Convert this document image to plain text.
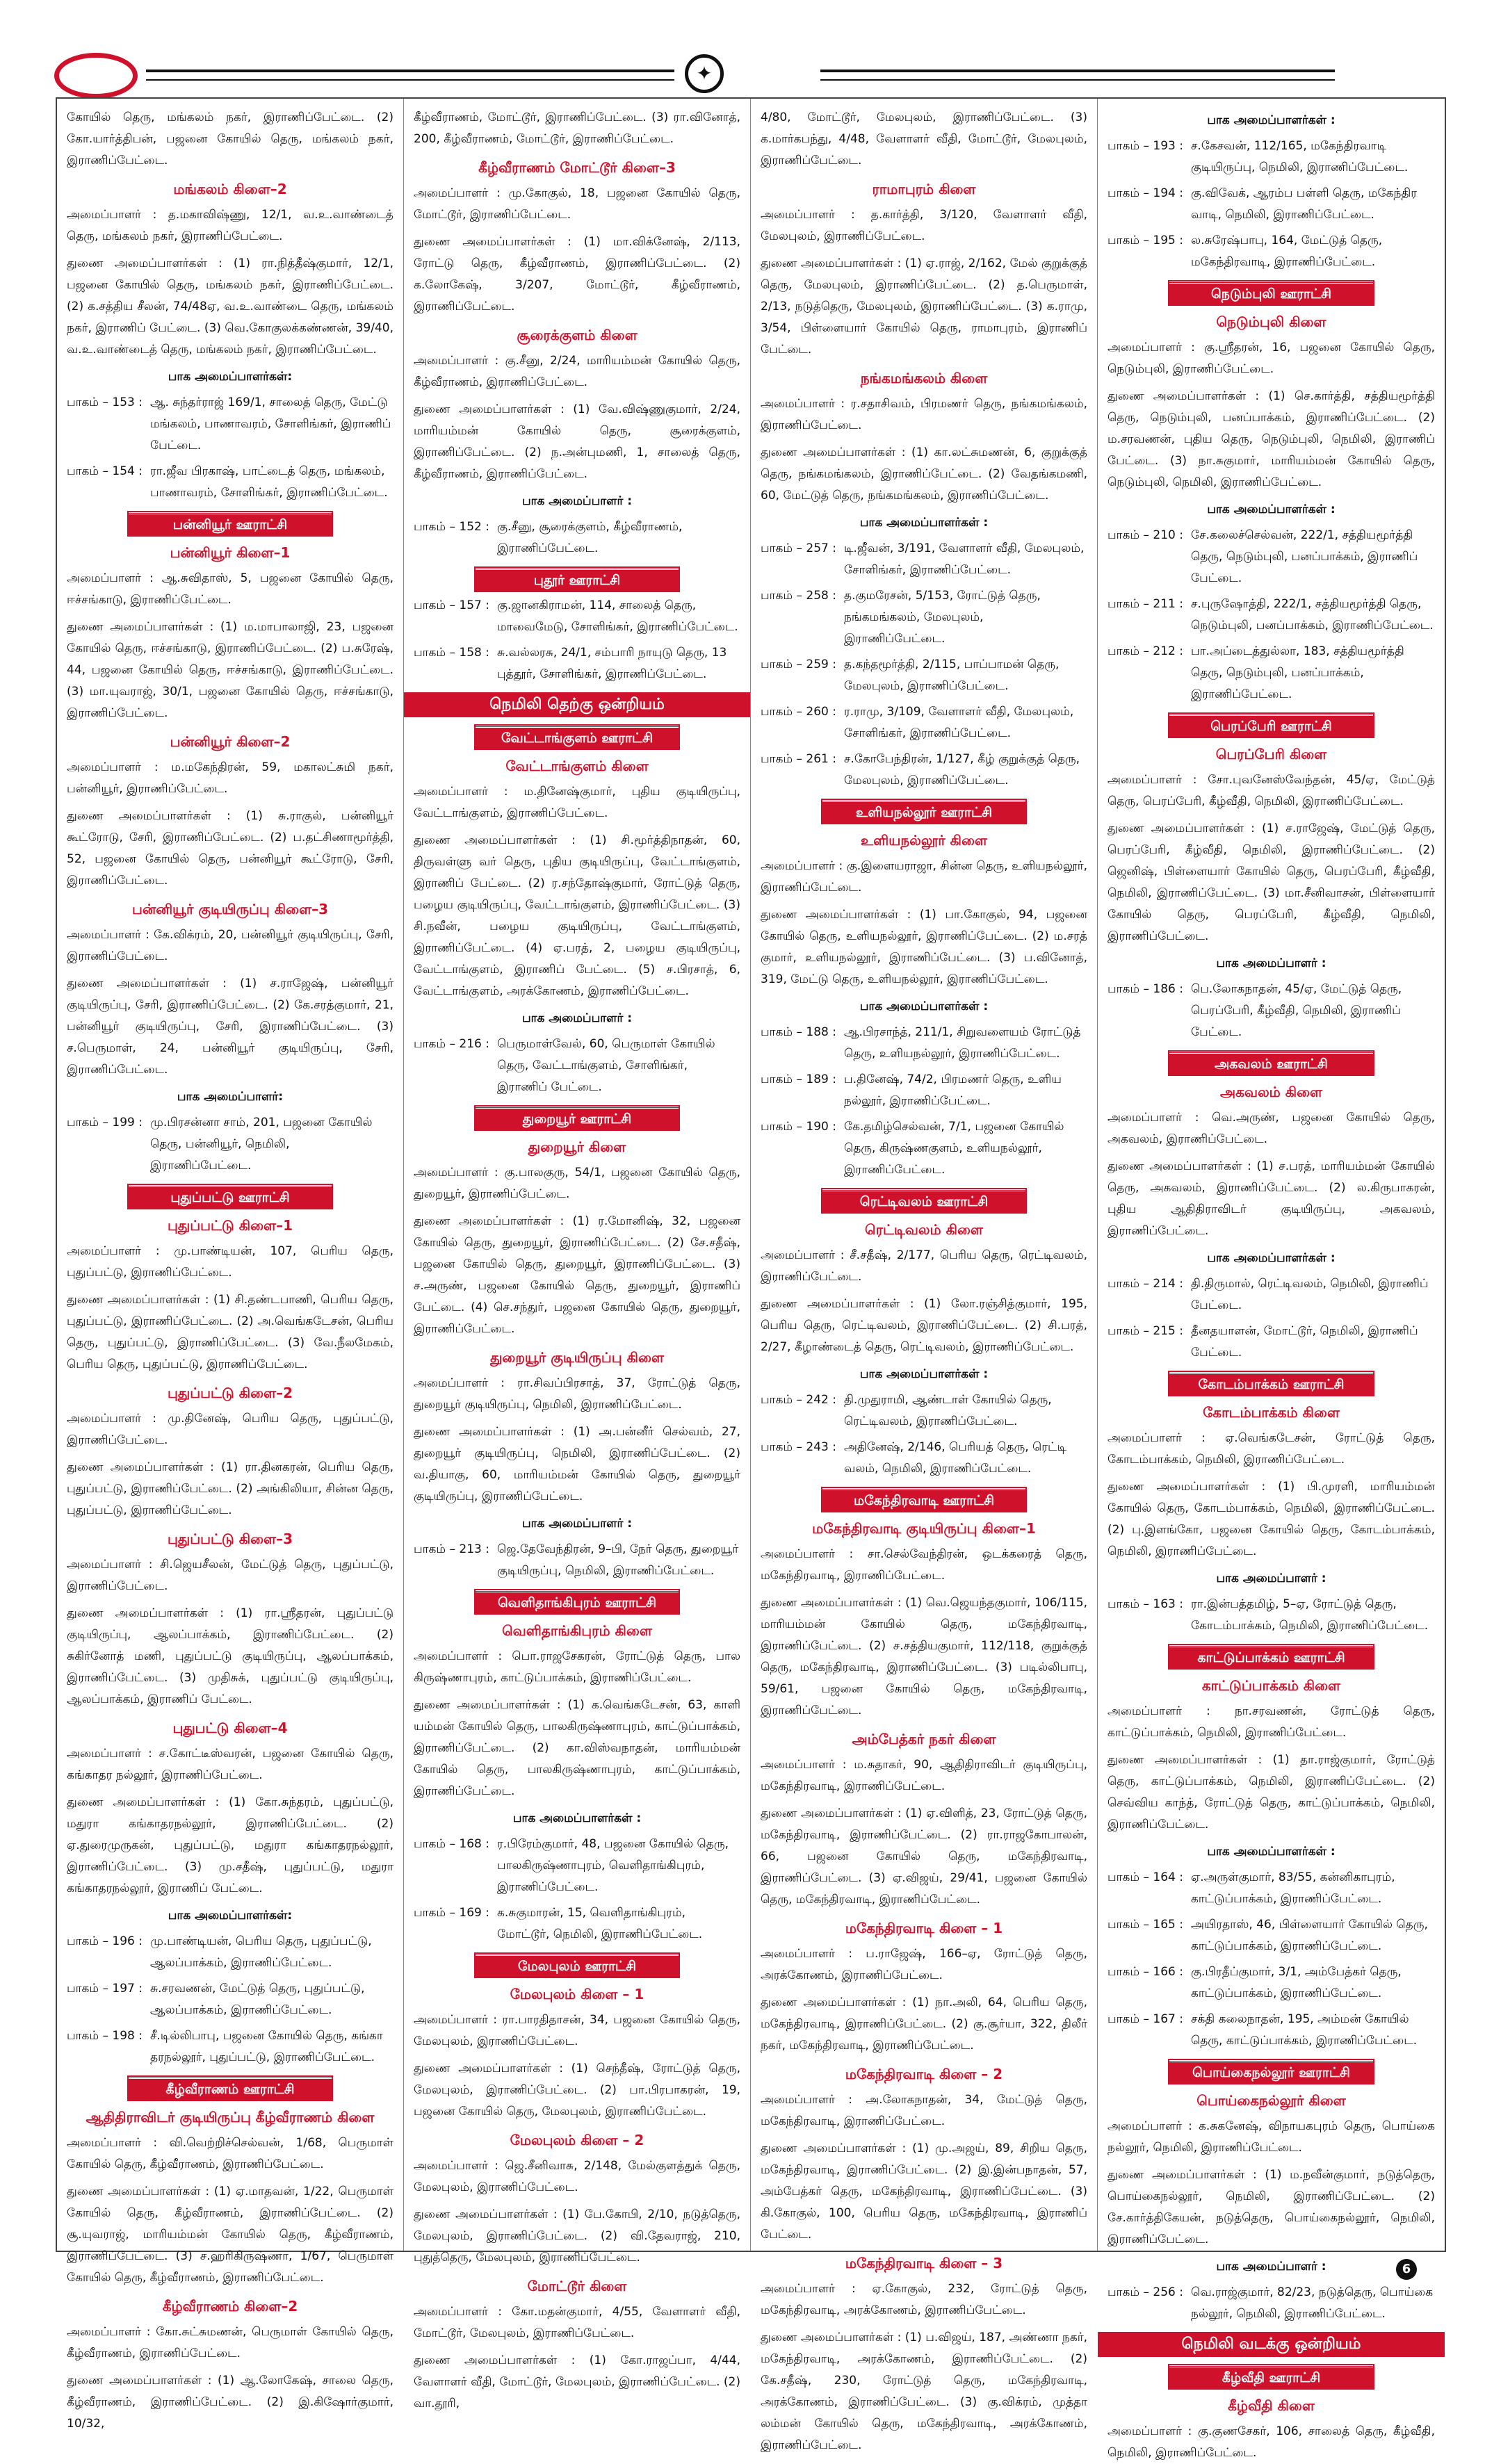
✦
கோயில் தெரு, மங்கலம் நகர், இராணிப்பேட்டை. (2) கோ.யார்த்திபன், பஜனை கோயில் தெரு, மங்கலம் நகர், இராணிப்பேட்டை.
மங்கலம் கிளை–2
அமைப்பாளர் : த.மகாவிஷ்ணு, 12/1, வ.உ.வாண்டைத் தெரு, மங்கலம் நகர், இராணிப்பேட்டை.
துணை அமைப்பாளர்கள் : (1) ரா.நித்தீஷ்குமார், 12/1, பஜனை கோயில் தெரு, மங்கலம் நகர், இராணிப்பேட்டை. (2) க.சத்திய சீலன், 74/48ஏ, வ.உ.வாண்டை தெரு, மங்கலம் நகர், இராணிப் பேட்டை. (3) வெ.கோகுலக்கண்ணன், 39/40, வ.உ.வாண்டைத் தெரு, மங்கலம் நகர், இராணிப்பேட்டை.
பாக அமைப்பாளர்கள்:
பாகம் – 153 : ஆ. சுந்தர்ராஜ் 169/1, சாலைத் தெரு, மேட்டு மங்கலம், பாணாவரம், சோளிங்கர், இராணிப் பேட்டை.
பாகம் – 154 : ரா.ஜீவ பிரகாஷ், பாட்டைத் தெரு, மங்கலம், பாணாவரம், சோளிங்கர், இராணிப்பேட்டை.
பன்னியூர் ஊராட்சி
பன்னியூர் கிளை–1
அமைப்பாளர் : ஆ.சுவிதாஸ், 5, பஜனை கோயில் தெரு, ஈச்சங்காடு, இராணிப்பேட்டை.
துணை அமைப்பாளர்கள் : (1) ம.மாபாலாஜி, 23, பஜனை கோயில் தெரு, ஈச்சங்காடு, இராணிப்பேட்டை. (2) ப.சுரேஷ், 44, பஜனை கோயில் தெரு, ஈச்சங்காடு, இராணிப்பேட்டை. (3) மா.யுவராஜ், 30/1, பஜனை கோயில் தெரு, ஈச்சங்காடு, இராணிப்பேட்டை.
பன்னியூர் கிளை–2
அமைப்பாளர் : ம.மகேந்திரன், 59, மகாலட்சுமி நகர், பன்னியூர், இராணிப்பேட்டை.
துணை அமைப்பாளர்கள் : (1) சு.ராகுல், பன்னியூர் கூட்ரோடு, சேரி, இராணிப்பேட்டை. (2) ப.தட்சிணாமூர்த்தி, 52, பஜனை கோயில் தெரு, பன்னியூர் கூட்ரோடு, சேரி, இராணிப்பேட்டை.
பன்னியூர் குடியிருப்பு கிளை–3
அமைப்பாளர் : கே.விக்ரம், 20, பன்னியூர் குடியிருப்பு, சேரி, இராணிப்பேட்டை.
துணை அமைப்பாளர்கள் : (1) ச.ராஜேஷ், பன்னியூர் குடியிருப்பு, சேரி, இராணிப்பேட்டை. (2) கே.சரத்குமார், 21, பன்னியூர் குடியிருப்பு, சேரி, இராணிப்பேட்டை. (3) ச.பெருமாள், 24, பன்னியூர் குடியிருப்பு, சேரி, இராணிப்பேட்டை.
பாக அமைப்பாளர்:
பாகம் – 199 : மு.பிரசன்னா சாம், 201, பஜனை கோயில் தெரு, பன்னியூர், நெமிலி, இராணிப்பேட்டை.
புதுப்பட்டு ஊராட்சி
புதுப்பட்டு கிளை–1
அமைப்பாளர் : மு.பாண்டியன், 107, பெரிய தெரு, புதுப்பட்டு, இராணிப்பேட்டை.
துணை அமைப்பாளர்கள் : (1) சி.தண்டபாணி, பெரிய தெரு, புதுப்பட்டு, இராணிப்பேட்டை. (2) அ.வெங்கடேசன், பெரிய தெரு, புதுப்பட்டு, இராணிப்பேட்டை. (3) வே.நீலமேகம், பெரிய தெரு, புதுப்பட்டு, இராணிப்பேட்டை.
புதுப்பட்டு கிளை–2
அமைப்பாளர் : மு.தினேஷ், பெரிய தெரு, புதுப்பட்டு, இராணிப்பேட்டை.
துணை அமைப்பாளர்கள் : (1) ரா.தினகரன், பெரிய தெரு, புதுப்பட்டு, இராணிப்பேட்டை. (2) அங்கிலியா, சின்ன தெரு, புதுப்பட்டு, இராணிப்பேட்டை.
புதுப்பட்டு கிளை–3
அமைப்பாளர் : சி.ஜெயசீலன், மேட்டுத் தெரு, புதுப்பட்டு, இராணிப்பேட்டை.
துணை அமைப்பாளர்கள் : (1) ரா.ஸ்ரீதரன், புதுப்பட்டு குடியிருப்பு, ஆலப்பாக்கம், இராணிப்பேட்டை. (2) சுகிர்னோத் மணி, புதுப்பட்டு குடியிருப்பு, ஆலப்பாக்கம், இராணிப்பேட்டை. (3) முதிசுக், புதுப்பட்டு குடியிருப்பு, ஆலப்பாக்கம், இராணிப் பேட்டை.
புதுபட்டு கிளை–4
அமைப்பாளர் : ச.கோட்டீஸ்வரன், பஜனை கோயில் தெரு, கங்காதர நல்லூர், இராணிப்பேட்டை.
துணை அமைப்பாளர்கள் : (1) கோ.சுந்தரம், புதுப்பட்டு, மதுரா கங்காதரநல்லூர், இராணிப்பேட்டை. (2) ஏ.துரைமுருகன், புதுப்பட்டு, மதுரா கங்காதரநல்லூர், இராணிப்பேட்டை. (3) மு.சதீஷ், புதுப்பட்டு, மதுரா கங்காதரநல்லூர், இராணிப் பேட்டை.
பாக அமைப்பாளர்கள்:
பாகம் – 196 : மு.பாண்டியன், பெரிய தெரு, புதுப்பட்டு, ஆலப்பாக்கம், இராணிப்பேட்டை.
பாகம் – 197 : சு.சரவணன், மேட்டுத் தெரு, புதுப்பட்டு, ஆலப்பாக்கம், இராணிப்பேட்டை.
பாகம் – 198 : சீ.டில்லிபாபு, பஜனை கோயில் தெரு, கங்கா தரநல்லூர், புதுப்பட்டு, இராணிப்பேட்டை.
கீழ்வீராணம் ஊராட்சி
ஆதிதிராவிடர் குடியிருப்பு கீழ்வீராணம் கிளை
அமைப்பாளர் : வி.வெற்றிச்செல்வன், 1/68, பெருமாள் கோயில் தெரு, கீழ்வீராணம், இராணிப்பேட்டை.
துணை அமைப்பாளர்கள் : (1) ஏ.மாதவன், 1/22, பெருமாள் கோயில் தெரு, கீழ்வீராணம், இராணிப்பேட்டை. (2) சூ.யுவராஜ், மாரியம்மன் கோயில் தெரு, கீழ்வீராணம், இராணிப்பேட்டை. (3) ச.ஹரிகிருஷ்ணா, 1/67, பெருமாள் கோயில் தெரு, கீழ்வீராணம், இராணிப்பேட்டை.
கீழ்வீராணம் கிளை–2
அமைப்பாளர் : கோ.சுட்சுமணன், பெருமாள் கோயில் தெரு, கீழ்வீராணம், இராணிப்பேட்டை.
துணை அமைப்பாளர்கள் : (1) ஆ.லோகேஷ், சாலை தெரு, கீழ்வீராணம், இராணிப்பேட்டை. (2) இ.கிஷோர்குமார், 10/32,
கீழ்வீராணம், மோட்டூர், இராணிப்பேட்டை. (3) ரா.வினோத், 200, கீழ்வீராணம், மோட்டூர், இராணிப்பேட்டை.
கீழ்வீராணம் மோட்டூர் கிளை–3
அமைப்பாளர் : மு.கோகுல், 18, பஜனை கோயில் தெரு, மோட்டூர், இராணிப்பேட்டை.
துணை அமைப்பாளர்கள் : (1) மா.விக்னேஷ், 2/113, ரோட்டு தெரு, கீழ்வீராணம், இராணிப்பேட்டை. (2) க.லோகேஷ், 3/207, மோட்டூர், கீழ்வீராணம், இராணிப்பேட்டை.
சூரைக்குளம் கிளை
அமைப்பாளர் : கு.சீனு, 2/24, மாரியம்மன் கோயில் தெரு, கீழ்வீராணம், இராணிப்பேட்டை.
துணை அமைப்பாளர்கள் : (1) வே.விஷ்ணுகுமார், 2/24, மாரியம்மன் கோயில் தெரு, சூரைக்குளம், இராணிப்பேட்டை. (2) ந.அன்புமணி, 1, சாலைத் தெரு, கீழ்வீராணம், இராணிப்பேட்டை.
பாக அமைப்பாளர் :
பாகம் – 152 : கு.சீனு, சூரைக்குளம், கீழ்வீராணம், இராணிப்பேட்டை.
புதூர் ஊராட்சி
பாகம் – 157 : கு.ஜானகிராமன், 114, சாலைத் தெரு, மாவைமேடு, சோளிங்கர், இராணிப்பேட்டை.
பாகம் – 158 : சு.வல்லரசு, 24/1, சம்பாரி நாயுடு தெரு, 13 புத்தூர், சோளிங்கர், இராணிப்பேட்டை.
நெமிலி தெற்கு ஒன்றியம்
வேட்டாங்குளம் ஊராட்சி
வேட்டாங்குளம் கிளை
அமைப்பாளர் : ம.தினேஷ்குமார், புதிய குடியிருப்பு, வேட்டாங்குளம், இராணிப்பேட்டை.
துணை அமைப்பாளர்கள் : (1) சி.மூர்த்திநாதன், 60, திருவள்ளு வர் தெரு, புதிய குடியிருப்பு, வேட்டாங்குளம், இராணிப் பேட்டை. (2) ர.சந்தோஷ்குமார், ரோட்டுத் தெரு, பழைய குடியிருப்பு, வேட்டாங்குளம், இராணிப்பேட்டை. (3) சி.நவீன், பழைய குடியிருப்பு, வேட்டாங்குளம், இராணிப்பேட்டை. (4) ஏ.பரத், 2, பழைய குடியிருப்பு, வேட்டாங்குளம், இராணிப் பேட்டை. (5) ச.பிரசாத், 6, வேட்டாங்குளம், அரக்கோணம், இராணிப்பேட்டை.
பாக அமைப்பாளர் :
பாகம் – 216 : பெருமாள்வேல், 60, பெருமாள் கோயில் தெரு, வேட்டாங்குளம், சோளிங்கர், இராணிப் பேட்டை.
துறையூர் ஊராட்சி
துறையூர் கிளை
அமைப்பாளர் : கு.பாலகுரு, 54/1, பஜனை கோயில் தெரு, துறையூர், இராணிப்பேட்டை.
துணை அமைப்பாளர்கள் : (1) ர.மோனிஷ், 32, பஜனை கோயில் தெரு, துறையூர், இராணிப்பேட்டை. (2) சே.சதீஷ், பஜனை கோயில் தெரு, துறையூர், இராணிப்பேட்டை. (3) ச.அருண், பஜனை கோயில் தெரு, துறையூர், இராணிப் பேட்டை. (4) செ.சந்துர், பஜனை கோயில் தெரு, துறையூர், இராணிப்பேட்டை.
துறையூர் குடியிருப்பு கிளை
அமைப்பாளர் : ரா.சிவப்பிரசாத், 37, ரோட்டுத் தெரு, துறையூர் குடியிருப்பு, நெமிலி, இராணிப்பேட்டை.
துணை அமைப்பாளர்கள் : (1) அ.பன்னீர் செல்வம், 27, துறையூர் குடியிருப்பு, நெமிலி, இராணிப்பேட்டை. (2) வ.தியாகு, 60, மாரியம்மன் கோயில் தெரு, துறையூர் குடியிருப்பு, இராணிப்பேட்டை.
பாக அமைப்பாளர் :
பாகம் – 213 : ஜெ.தேவேந்திரன், 9–பி, நேர் தெரு, துறையூர் குடியிருப்பு, நெமிலி, இராணிப்பேட்டை.
வெளிதாங்கிபுரம் ஊராட்சி
வெளிதாங்கிபுரம் கிளை
அமைப்பாளர் : பொ.ராஜசேகரன், ரோட்டுத் தெரு, பால கிருஷ்ணாபுரம், காட்டுப்பாக்கம், இராணிப்பேட்டை.
துணை அமைப்பாளர்கள் : (1) க.வெங்கடேசன், 63, காளி யம்மன் கோயில் தெரு, பாலகிருஷ்ணாபுரம், காட்டுப்பாக்கம், இராணிப்பேட்டை. (2) கா.விஸ்வநாதன், மாரியம்மன் கோயில் தெரு, பாலகிருஷ்ணாபுரம், காட்டுப்பாக்கம், இராணிப்பேட்டை.
பாக அமைப்பாளர்கள் :
பாகம் – 168 : ர.பிரேம்குமார், 48, பஜனை கோயில் தெரு, பாலகிருஷ்ணாபுரம், வெளிதாங்கிபுரம், இராணிப்பேட்டை.
பாகம் – 169 : க.சுகுமாரன், 15, வெளிதாங்கிபுரம், மோட்டூர், நெமிலி, இராணிப்பேட்டை.
மேலபுலம் ஊராட்சி
மேலபுலம் கிளை – 1
அமைப்பாளர் : ரா.பாரதிதாசன், 34, பஜனை கோயில் தெரு, மேலபுலம், இராணிப்பேட்டை.
துணை அமைப்பாளர்கள் : (1) செந்தீஷ், ரோட்டுத் தெரு, மேலபுலம், இராணிப்பேட்டை. (2) பா.பிரபாகரன், 19, பஜனை கோயில் தெரு, மேலபுலம், இராணிப்பேட்டை.
மேலபுலம் கிளை – 2
அமைப்பாளர் : ஜெ.சீனிவாசு, 2/148, மேல்குளத்துக் தெரு, மேலபுலம், இராணிப்பேட்டை.
துணை அமைப்பாளர்கள் : (1) பே.கோபி, 2/10, நடுத்தெரு, மேலபுலம், இராணிப்பேட்டை. (2) வி.தேவராஜ், 210, புதுத்தெரு, மேலபுலம், இராணிப்பேட்டை.
மோட்டூர் கிளை
அமைப்பாளர் : கோ.மதன்குமார், 4/55, வேளாளர் வீதி, மோட்டூர், மேலபுலம், இராணிப்பேட்டை.
துணை அமைப்பாளர்கள் : (1) கோ.ராஜப்பா, 4/44, வேளாளர் வீதி, மோட்டூர், மேலபுலம், இராணிப்பேட்டை. (2) வா.தூரி,
4/80, மோட்டூர், மேலபுலம், இராணிப்பேட்டை. (3) க.மார்கபந்து, 4/48, வேளாளர் வீதி, மோட்டூர், மேலபுலம், இராணிப்பேட்டை.
ராமாபுரம் கிளை
அமைப்பாளர் : த.கார்த்தி, 3/120, வேளாளர் வீதி, மேலபுலம், இராணிப்பேட்டை.
துணை அமைப்பாளர்கள் : (1) ஏ.ராஜ், 2/162, மேல் குறுக்குத் தெரு, மேலபுலம், இராணிப்பேட்டை. (2) த.பெருமாள், 2/13, நடுத்தெரு, மேலபுலம், இராணிப்பேட்டை. (3) க.ராமு, 3/54, பிள்ளையார் கோயில் தெரு, ராமாபுரம், இராணிப் பேட்டை.
நங்கமங்கலம் கிளை
அமைப்பாளர் : ர.சதாசிவம், பிரமணர் தெரு, நங்கமங்கலம், இராணிப்பேட்டை.
துணை அமைப்பாளர்கள் : (1) கா.லட்சுமணன், 6, குறுக்குத் தெரு, நங்கமங்கலம், இராணிப்பேட்டை. (2) வேதங்கமணி, 60, மேட்டுத் தெரு, நங்கமங்கலம், இராணிப்பேட்டை.
பாக அமைப்பாளர்கள் :
பாகம் – 257 : டி.ஜீவன், 3/191, வேளாளர் வீதி, மேலபுலம், சோளிங்கர், இராணிப்பேட்டை.
பாகம் – 258 : த.குமரேசன், 5/153, ரோட்டுத் தெரு, நங்கமங்கலம், மேலபுலம், இராணிப்பேட்டை.
பாகம் – 259 : த.கந்தமூர்த்தி, 2/115, பாப்பாமன் தெரு, மேலபுலம், இராணிப்பேட்டை.
பாகம் – 260 : ர.ராமு, 3/109, வேளாளர் வீதி, மேலபுலம், சோளிங்கர், இராணிப்பேட்டை.
பாகம் – 261 : ச.கோபேந்திரன், 1/127, கீழ் குறுக்குத் தெரு, மேலபுலம், இராணிப்பேட்டை.
உளியநல்லூர் ஊராட்சி
உளியநல்லூர் கிளை
அமைப்பாளர் : கு.இளையராஜா, சின்ன தெரு, உளியநல்லூர், இராணிப்பேட்டை.
துணை அமைப்பாளர்கள் : (1) பா.கோகுல், 94, பஜனை கோயில் தெரு, உளியநல்லூர், இராணிப்பேட்டை. (2) ம.சரத் குமார், உளியநல்லூர், இராணிப்பேட்டை. (3) ப.வினோத், 319, மேட்டு தெரு, உளியநல்லூர், இராணிப்பேட்டை.
பாக அமைப்பாளர்கள் :
பாகம் – 188 : ஆ.பிரசாந்த், 211/1, சிறுவளையம் ரோட்டுத் தெரு, உளியநல்லூர், இராணிப்பேட்டை.
பாகம் – 189 : ப.தினேஷ், 74/2, பிரமணர் தெரு, உளிய நல்லூர், இராணிப்பேட்டை.
பாகம் – 190 : கே.தமிழ்செல்வன், 7/1, பஜனை கோயில் தெரு, கிருஷ்ணகுளம், உளியநல்லூர், இராணிப்பேட்டை.
ரெட்டிவலம் ஊராட்சி
ரெட்டிவலம் கிளை
அமைப்பாளர் : சீ.சதீஷ், 2/177, பெரிய தெரு, ரெட்டிவலம், இராணிப்பேட்டை.
துணை அமைப்பாளர்கள் : (1) லோ.ரஞ்சித்குமார், 195, பெரிய தெரு, ரெட்டிவலம், இராணிப்பேட்டை. (2) சி.பரத், 2/27, கீழாண்டைத் தெரு, ரெட்டிவலம், இராணிப்பேட்டை.
பாக அமைப்பாளர்கள் :
பாகம் – 242 : தி.முதுராமி, ஆண்டாள் கோயில் தெரு, ரெட்டிவலம், இராணிப்பேட்டை.
பாகம் – 243 : அதினேஷ், 2/146, பெரியத் தெரு, ரெட்டி வலம், நெமிலி, இராணிப்பேட்டை.
மகேந்திரவாடி ஊராட்சி
மகேந்திரவாடி குடியிருப்பு கிளை–1
அமைப்பாளர் : சா.செல்வேந்திரன், ஒடக்கரைத் தெரு, மகேந்திரவாடி, இராணிப்பேட்டை.
துணை அமைப்பாளர்கள் : (1) வெ.ஜெயந்தகுமார், 106/115, மாரியம்மன் கோயில் தெரு, மகேந்திரவாடி, இராணிப்பேட்டை. (2) ச.சத்தியகுமார், 112/118, குறுக்குத் தெரு, மகேந்திரவாடி, இராணிப்பேட்டை. (3) படில்லிபாபு, 59/61, பஜனை கோயில் தெரு, மகேந்திரவாடி, இராணிப்பேட்டை.
அம்பேத்கர் நகர் கிளை
அமைப்பாளர் : ம.சுதாகர், 90, ஆதிதிராவிடர் குடியிருப்பு, மகேந்திரவாடி, இராணிப்பேட்டை.
துணை அமைப்பாளர்கள் : (1) ஏ.விளித், 23, ரோட்டுத் தெரு, மகேந்திரவாடி, இராணிப்பேட்டை. (2) ரா.ராஜகோபாலன், 66, பஜனை கோயில் தெரு, மகேந்திரவாடி, இராணிப்பேட்டை. (3) ஏ.விஜய், 29/41, பஜனை கோயில் தெரு, மகேந்திரவாடி, இராணிப்பேட்டை.
மகேந்திரவாடி கிளை – 1
அமைப்பாளர் : ப.ராஜேஷ், 166–ஏ, ரோட்டுத் தெரு, அரக்கோணம், இராணிப்பேட்டை.
துணை அமைப்பாளர்கள் : (1) நா.அலி, 64, பெரிய தெரு, மகேந்திரவாடி, இராணிப்பேட்டை. (2) கு.சூர்யா, 322, திலீர் நகர், மகேந்திரவாடி, இராணிப்பேட்டை.
மகேந்திரவாடி கிளை – 2
அமைப்பாளர் : அ.லோகநாதன், 34, மேட்டுத் தெரு, மகேந்திரவாடி, இராணிப்பேட்டை.
துணை அமைப்பாளர்கள் : (1) மு.அஜய், 89, சிறிய தெரு, மகேந்திரவாடி, இராணிப்பேட்டை. (2) இ.இன்பநாதன், 57, அம்பேத்கர் தெரு, மகேந்திரவாடி, இராணிப்பேட்டை. (3) கி.கோகுல், 100, பெரிய தெரு, மகேந்திரவாடி, இராணிப் பேட்டை.
மகேந்திரவாடி கிளை – 3
அமைப்பாளர் : ஏ.கோகுல், 232, ரோட்டுத் தெரு, மகேந்திரவாடி, அரக்கோணம், இராணிப்பேட்டை.
துணை அமைப்பாளர்கள் : (1) ப.விஜய், 187, அண்ணா நகர், மகேந்திரவாடி, அரக்கோணம், இராணிப்பேட்டை. (2) கே.சதீஷ், 230, ரோட்டுத் தெரு, மகேந்திரவாடி, அரக்கோணம், இராணிப்பேட்டை. (3) கு.விக்ரம், முத்தா லம்மன் கோயில் தெரு, மகேந்திரவாடி, அரக்கோணம், இராணிப்பேட்டை.
பாக அமைப்பாளர்கள் :
பாகம் – 193 : ச.கேசவன், 112/165, மகேந்திரவாடி குடியிருப்பு, நெமிலி, இராணிப்பேட்டை.
பாகம் – 194 : கு.விவேக், ஆரம்ப பள்ளி தெரு, மகேந்திர வாடி, நெமிலி, இராணிப்பேட்டை.
பாகம் – 195 : ல.சுரேஷ்பாபு, 164, மேட்டுத் தெரு, மகேந்திரவாடி, இராணிப்பேட்டை.
நெடும்புலி ஊராட்சி
நெடும்புலி கிளை
அமைப்பாளர் : கு.ஸ்ரீதரன், 16, பஜனை கோயில் தெரு, நெடும்புலி, இராணிப்பேட்டை.
துணை அமைப்பாளர்கள் : (1) செ.கார்த்தி, சத்தியமூர்த்தி தெரு, நெடும்புலி, பனப்பாக்கம், இராணிப்பேட்டை. (2) ம.சரவணன், புதிய தெரு, நெடும்புலி, நெமிலி, இராணிப் பேட்டை. (3) நா.சுகுமார், மாரியம்மன் கோயில் தெரு, நெடும்புலி, நெமிலி, இராணிப்பேட்டை.
பாக அமைப்பாளர்கள் :
பாகம் – 210 : சே.கலைச்செல்வன், 222/1, சத்தியமூர்த்தி தெரு, நெடும்புலி, பனப்பாக்கம், இராணிப் பேட்டை.
பாகம் – 211 : ச.புருஷோத்தி, 222/1, சத்தியமூர்த்தி தெரு, நெடும்புலி, பனப்பாக்கம், இராணிப்பேட்டை.
பாகம் – 212 : பா.அப்டைத்துல்லா, 183, சத்தியமூர்த்தி தெரு, நெடும்புலி, பனப்பாக்கம், இராணிப்பேட்டை.
பெரப்பேரி ஊராட்சி
பெரப்பேரி கிளை
அமைப்பாளர் : சோ.புவனேஸ்வேந்தன், 45/ஏ, மேட்டுத் தெரு, பெரப்பேரி, கீழ்வீதி, நெமிலி, இராணிப்பேட்டை.
துணை அமைப்பாளர்கள் : (1) ச.ராஜேஷ், மேட்டுத் தெரு, பெரப்பேரி, கீழ்வீதி, நெமிலி, இராணிப்பேட்டை. (2) ஜெனிஷ், பிள்ளையார் கோயில் தெரு, பெரப்பேரி, கீழ்வீதி, நெமிலி, இராணிப்பேட்டை. (3) மா.சீனிவாசன், பிள்ளையார் கோயில் தெரு, பெரப்பேரி, கீழ்வீதி, நெமிலி, இராணிப்பேட்டை.
பாக அமைப்பாளர் :
பாகம் – 186 : பெ.லோகநாதன், 45/ஏ, மேட்டுத் தெரு, பெரப்பேரி, கீழ்வீதி, நெமிலி, இராணிப் பேட்டை.
அகவலம் ஊராட்சி
அகவலம் கிளை
அமைப்பாளர் : வெ.அருண், பஜனை கோயில் தெரு, அகவலம், இராணிப்பேட்டை.
துணை அமைப்பாளர்கள் : (1) ச.பரத், மாரியம்மன் கோயில் தெரு, அகவலம், இராணிப்பேட்டை. (2) ல.கிருபாகரன், புதிய ஆதிதிராவிடர் குடியிருப்பு, அகவலம், இராணிப்பேட்டை.
பாக அமைப்பாளர்கள் :
பாகம் – 214 : தி.திருமால், ரெட்டிவலம், நெமிலி, இராணிப் பேட்டை.
பாகம் – 215 : தீனதயாளன், மோட்டூர், நெமிலி, இராணிப் பேட்டை.
கோடம்பாக்கம் ஊராட்சி
கோடம்பாக்கம் கிளை
அமைப்பாளர் : ஏ.வெங்கடேசன், ரோட்டுத் தெரு, கோடம்பாக்கம், நெமிலி, இராணிப்பேட்டை.
துணை அமைப்பாளர்கள் : (1) பி.முரளி, மாரியம்மன் கோயில் தெரு, கோடம்பாக்கம், நெமிலி, இராணிப்பேட்டை. (2) பு.இளங்கோ, பஜனை கோயில் தெரு, கோடம்பாக்கம், நெமிலி, இராணிப்பேட்டை.
பாக அமைப்பாளர் :
பாகம் – 163 : ரா.இன்பத்தமிழ், 5–ஏ, ரோட்டுத் தெரு, கோடம்பாக்கம், நெமிலி, இராணிப்பேட்டை.
காட்டுப்பாக்கம் ஊராட்சி
காட்டுப்பாக்கம் கிளை
அமைப்பாளர் : நா.சரவணன், ரோட்டுத் தெரு, காட்டுப்பாக்கம், நெமிலி, இராணிப்பேட்டை.
துணை அமைப்பாளர்கள் : (1) தா.ராஜ்குமார், ரோட்டுத் தெரு, காட்டுப்பாக்கம், நெமிலி, இராணிப்பேட்டை. (2) செவ்விய காந்த், ரோட்டுத் தெரு, காட்டுப்பாக்கம், நெமிலி, இராணிப்பேட்டை.
பாக அமைப்பாளர்கள் :
பாகம் – 164 : ஏ.அருள்குமார், 83/55, கன்னிகாபுரம், காட்டுப்பாக்கம், இராணிப்பேட்டை.
பாகம் – 165 : அயிரதாஸ், 46, பிள்ளையார் கோயில் தெரு, காட்டுப்பாக்கம், இராணிப்பேட்டை.
பாகம் – 166 : கு.பிரதீப்குமார், 3/1, அம்பேத்கர் தெரு, காட்டுப்பாக்கம், இராணிப்பேட்டை.
பாகம் – 167 : சக்தி கலைநாதன், 195, அம்மன் கோயில் தெரு, காட்டுப்பாக்கம், இராணிப்பேட்டை.
பொய்கைநல்லூர் ஊராட்சி
பொய்கைநல்லூர் கிளை
அமைப்பாளர் : க.சுகனேஷ், விநாயகபுரம் தெரு, பொய்கை நல்லூர், நெமிலி, இராணிப்பேட்டை.
துணை அமைப்பாளர்கள் : (1) ம.நவீன்குமார், நடுத்தெரு, பொய்கைநல்லூர், நெமிலி, இராணிப்பேட்டை. (2) சே.கார்த்திகேயன், நடுத்தெரு, பொய்கைநல்லூர், நெமிலி, இராணிப்பேட்டை.
பாக அமைப்பாளர் :
பாகம் – 256 : வெ.ராஜ்குமார், 82/23, நடுத்தெரு, பொய்கை நல்லூர், நெமிலி, இராணிப்பேட்டை.
நெமிலி வடக்கு ஒன்றியம்
கீழ்வீதி ஊராட்சி
கீழ்வீதி கிளை
அமைப்பாளர் : கு.குணசேகர், 106, சாலைத் தெரு, கீழ்வீதி, நெமிலி, இராணிப்பேட்டை.
6
